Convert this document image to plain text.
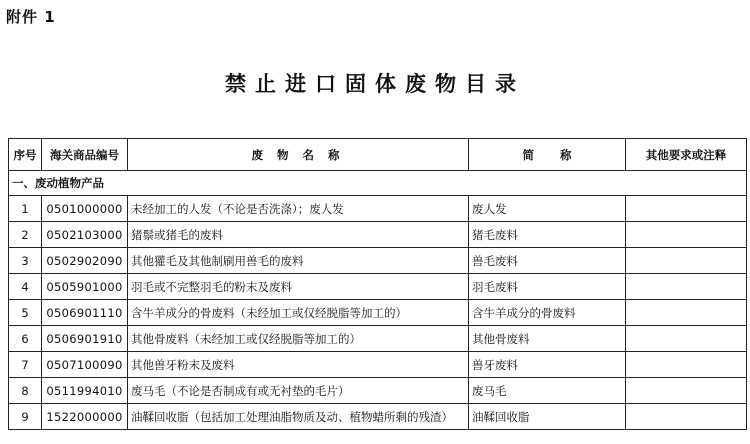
附件 1
禁止进口固体废物目录
序号	海关商品编号	废 物 名 称	简 称	其他要求或注释
一、废动植物产品				
1	0501000000	未经加工的人发（不论是否洗涤）；废人发	废人发	
2	0502103000	猪鬃或猪毛的废料	猪毛废料	
3	0502902090	其他獾毛及其他制刷用兽毛的废料	兽毛废料	
4	0505901000	羽毛或不完整羽毛的粉末及废料	羽毛废料	
5	0506901110	含牛羊成分的骨废料（未经加工或仅经脱脂等加工的）	含牛羊成分的骨废料	
6	0506901910	其他骨废料（未经加工或仅经脱脂等加工的）	其他骨废料	
7	0507100090	其他兽牙粉末及废料	兽牙废料	
8	0511994010	废马毛（不论是否制成有或无衬垫的毛片）	废马毛	
9	1522000000	油鞣回收脂（包括加工处理油脂物质及动、植物蜡所剩的残渣）	油鞣回收脂	
